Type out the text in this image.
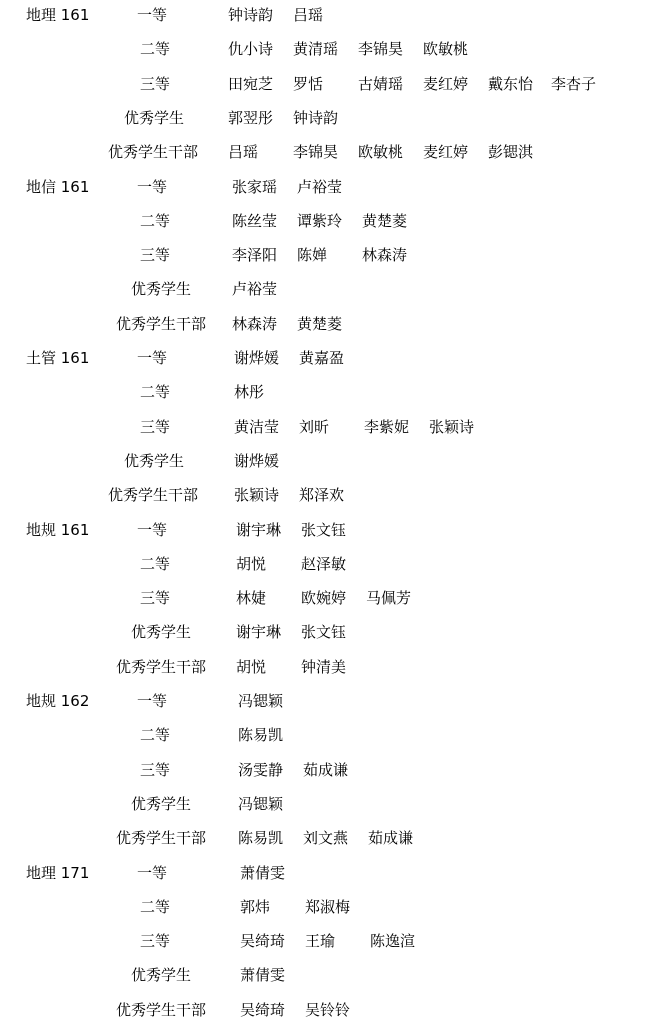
地理 161	一等	钟诗韵 吕瑶
二等	仇小诗 黄清瑶 李锦昊 欧敏桃
三等	田宛芝 罗恬 古婧瑶 麦红婷 戴东怡 李杏子
优秀学生	郭翌彤 钟诗韵
优秀学生干部 吕瑶 李锦昊 欧敏桃 麦红婷 彭锶淇
地信 161	一等	张家瑶 卢裕莹
二等	陈丝莹 谭紫玲 黄楚菱
三等	李泽阳 陈婵 林森涛
优秀学生	卢裕莹
优秀学生干部 林森涛 黄楚菱
土管 161	一等	谢烨媛 黄嘉盈
二等	林彤
三等	黄洁莹 刘昕 李紫妮 张颖诗
优秀学生	谢烨媛
优秀学生干部 张颖诗 郑泽欢
地规 161	一等	谢宇琳 张文钰
二等	胡悦 赵泽敏
三等	林婕 欧婉婷 马佩芳
优秀学生	谢宇琳 张文钰
优秀学生干部 胡悦 钟清美
地规 162	一等	冯锶颖
二等	陈易凯
三等	汤雯静 茹成谦
优秀学生	冯锶颖
优秀学生干部 陈易凯 刘文燕 茹成谦
地理 171	一等	萧倩雯
二等	郭炜 郑淑梅
三等	吴绮琦 王瑜 陈逸渲
优秀学生	萧倩雯
优秀学生干部 吴绮琦 吴铃铃
